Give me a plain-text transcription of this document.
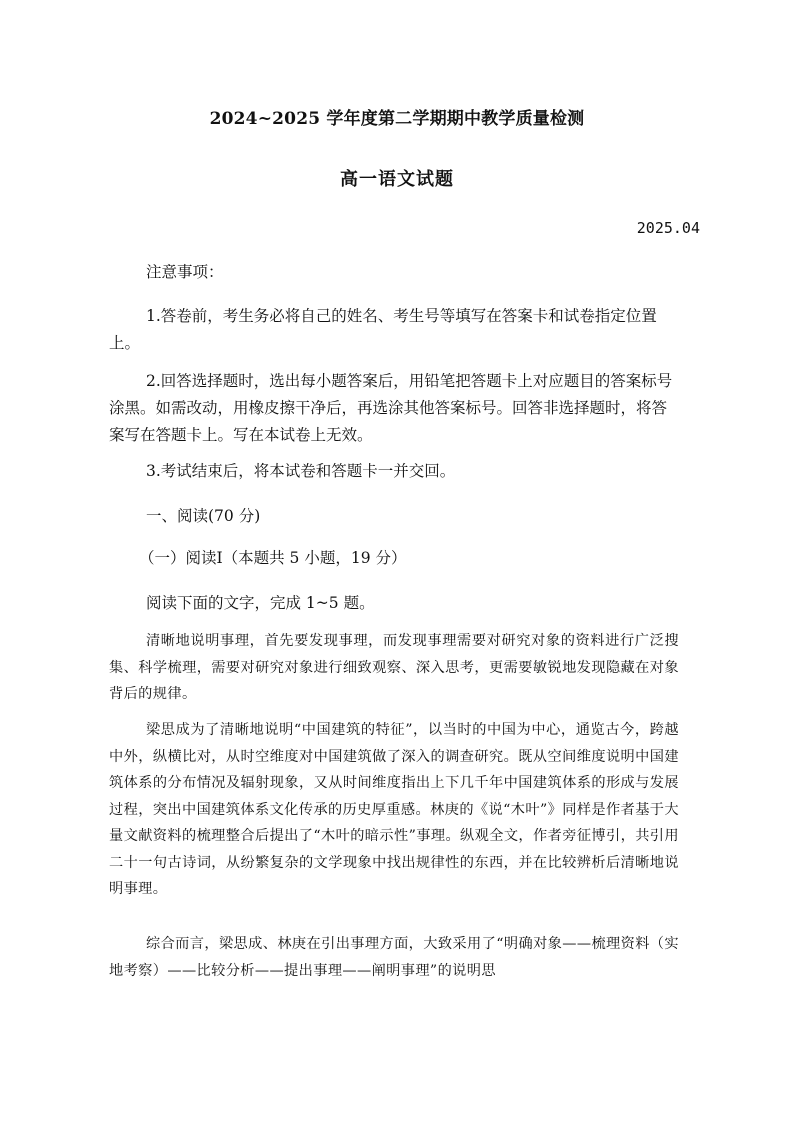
2024~2025 学年度第二学期期中教学质量检测
高一语文试题
2025.04
注意事项：
1.答卷前，考生务必将自己的姓名、考生号等填写在答案卡和试卷指定位置上。
2.回答选择题时，选出每小题答案后，用铅笔把答题卡上对应题目的答案标号涂黑。如需改动，用橡皮擦干净后，再选涂其他答案标号。回答非选择题时，将答案写在答题卡上。写在本试卷上无效。
3.考试结束后，将本试卷和答题卡一并交回。
一、阅读(70 分)
（一）阅读Ⅰ（本题共 5 小题，19 分）
阅读下面的文字，完成 1~5 题。
清晰地说明事理，首先要发现事理，而发现事理需要对研究对象的资料进行广泛搜集、科学梳理，需要对研究对象进行细致观察、深入思考，更需要敏锐地发现隐藏在对象背后的规律。
梁思成为了清晰地说明“中国建筑的特征”，以当时的中国为中心，通览古今，跨越中外，纵横比对，从时空维度对中国建筑做了深入的调查研究。既从空间维度说明中国建筑体系的分布情况及辐射现象，又从时间维度指出上下几千年中国建筑体系的形成与发展过程，突出中国建筑体系文化传承的历史厚重感。林庚的《说“木叶”》同样是作者基于大量文献资料的梳理整合后提出了“木叶的暗示性”事理。纵观全文，作者旁征博引，共引用二十一句古诗词，从纷繁复杂的文学现象中找出规律性的东西，并在比较辨析后清晰地说明事理。
综合而言，梁思成、林庚在引出事理方面，大致采用了“明确对象——梳理资料（实地考察）——比较分析——提出事理——阐明事理”的说明思
